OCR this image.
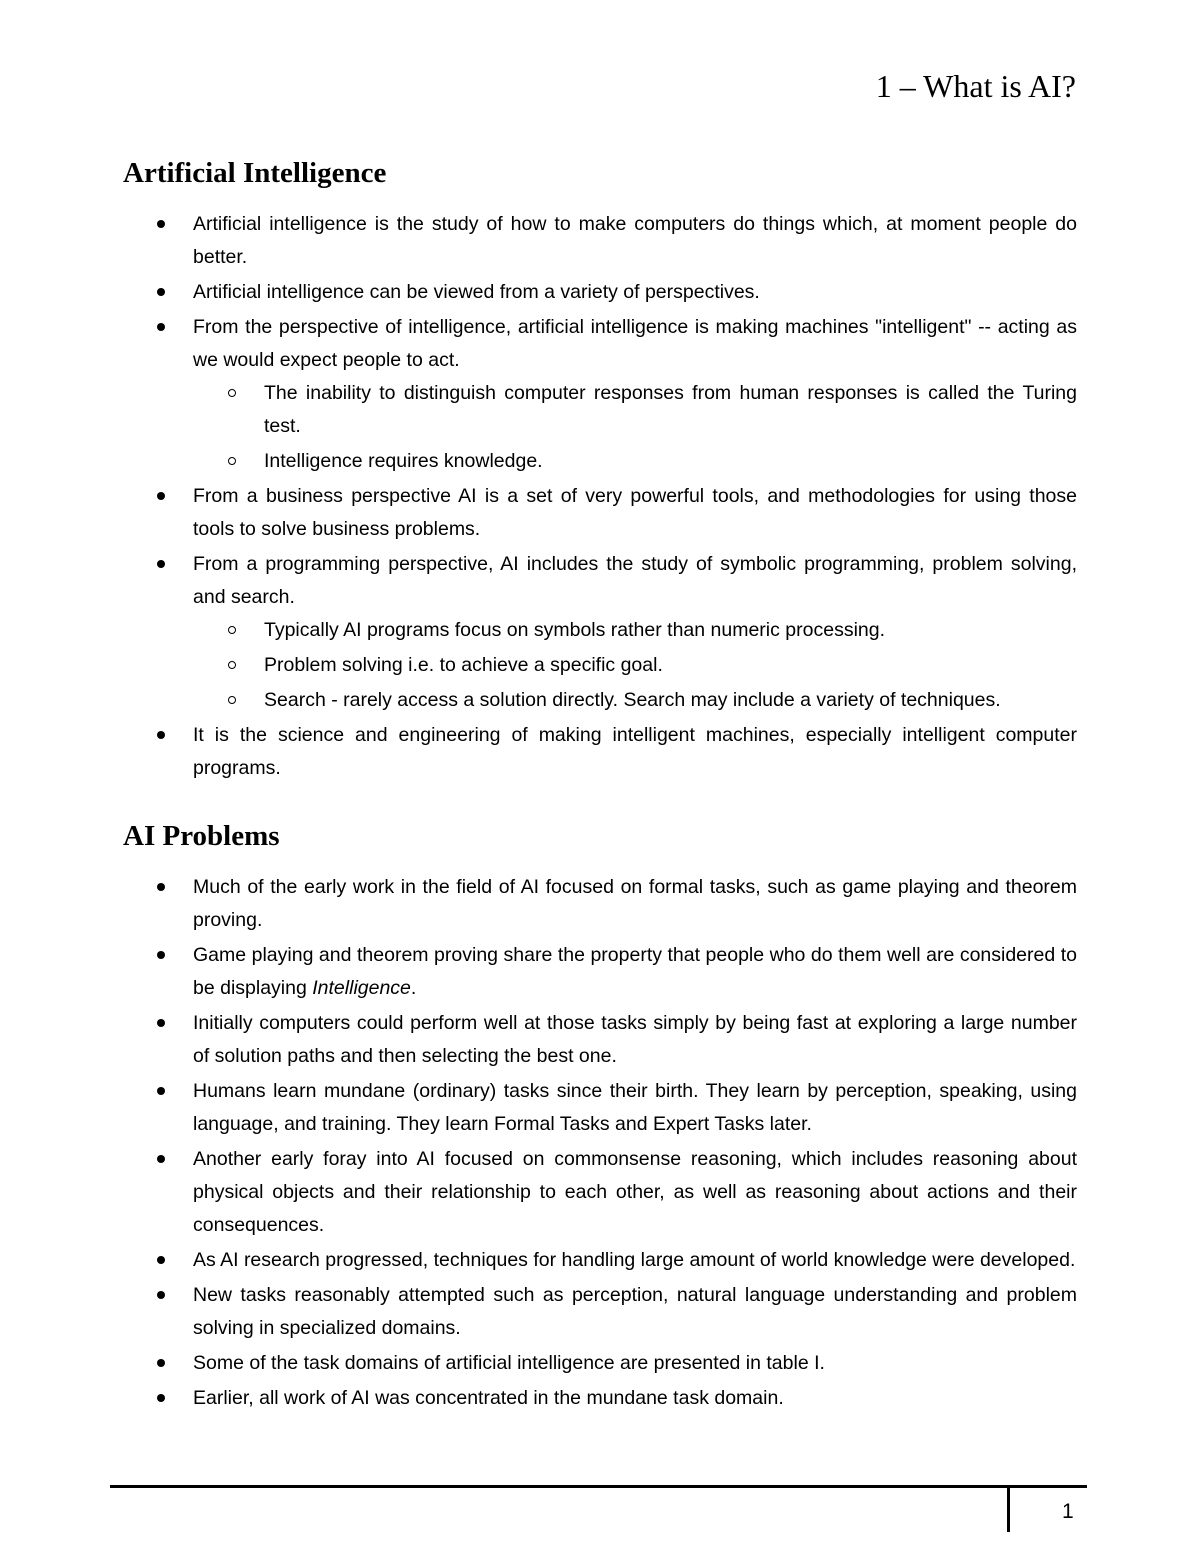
1 – What is AI?
Artificial Intelligence
Artificial intelligence is the study of how to make computers do things which, at moment people do better.
Artificial intelligence can be viewed from a variety of perspectives.
From the perspective of intelligence, artificial intelligence is making machines "intelligent" -- acting as we would expect people to act.
The inability to distinguish computer responses from human responses is called the Turing test.
Intelligence requires knowledge.
From a business perspective AI is a set of very powerful tools, and methodologies for using those tools to solve business problems.
From a programming perspective, AI includes the study of symbolic programming, problem solving, and search.
Typically AI programs focus on symbols rather than numeric processing.
Problem solving i.e. to achieve a specific goal.
Search - rarely access a solution directly. Search may include a variety of techniques.
It is the science and engineering of making intelligent machines, especially intelligent computer programs.
AI Problems
Much of the early work in the field of AI focused on formal tasks, such as game playing and theorem proving.
Game playing and theorem proving share the property that people who do them well are considered to be displaying Intelligence.
Initially computers could perform well at those tasks simply by being fast at exploring a large number of solution paths and then selecting the best one.
Humans learn mundane (ordinary) tasks since their birth. They learn by perception, speaking, using language, and training. They learn Formal Tasks and Expert Tasks later.
Another early foray into AI focused on commonsense reasoning, which includes reasoning about physical objects and their relationship to each other, as well as reasoning about actions and their consequences.
As AI research progressed, techniques for handling large amount of world knowledge were developed.
New tasks reasonably attempted such as perception, natural language understanding and problem solving in specialized domains.
Some of the task domains of artificial intelligence are presented in table I.
Earlier, all work of AI was concentrated in the mundane task domain.
1
